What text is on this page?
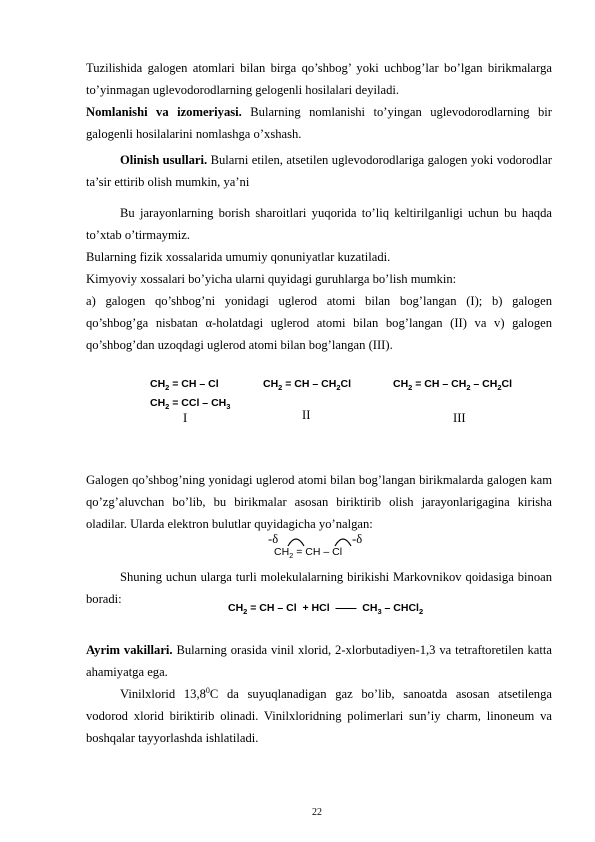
Tuzilishida galogen atomlari bilan birga qo’shbog’ yoki uchbog’lar bo’lgan birikmalarga to’yinmagan uglevodorodlarning gelogenli hosilalari deyiladi.

Nomlanishi va izomeriyasi. Bularning nomlanishi to’yingan uglevodorodlarning bir galogenli hosilalarini nomlashga o’xshash.

Olinish usullari. Bularni etilen, atsetilen uglevodorodlariga galogen yoki vodorodlar ta’sir ettirib olish mumkin, ya’ni

Bu jarayonlarning borish sharoitlari yuqorida to’liq keltirilganligi uchun bu haqda to’xtab o’tirmaymiz.

Bularning fizik xossalarida umumiy qonuniyatlar kuzatiladi.

Kimyoviy xossalari bo’yicha ularni quyidagi guruhlarga bo’lish mumkin:

a) galogen qo’shbog’ni yonidagi uglerod atomi bilan bog’langan (I); b) galogen qo’shbog’ga nisbatan α-holatdagi uglerod atomi bilan bog’langan (II) va v) galogen qo’shbog’dan uzoqdagi uglerod atomi bilan bog’langan (III).

$CH_2$ = CH – Cl	$CH_2$ = CH – $CH_2Cl$	$CH_2$ = CH – $CH_2 - CH_2Cl$
$CH_2$ = CCl – $CH_3$
I	II	III

Galogen qo’shbog’ning yonidagi uglerod atomi bilan bog’langan birikmalarda galogen kam qo’zg’aluvchan bo’lib, bu birikmalar asosan biriktirib olish jarayonlarigagina kirisha oladilar. Ularda elektron bulutlar quyidagicha yo’nalgan:

-δ	-δ
$CH_2$ = CH – Cl

Shuning uchun ularga turli molekulalarning birikishi Markovnikov qoidasiga binoan boradi:

$CH_2$ = CH – Cl  + HCl  ——  $CH_3$ – CHCl$_2$

Ayrim vakillari. Bularning orasida vinil xlorid, 2-xlorbutadiyen-1,3 va tetraftoretilen katta ahamiyatga ega.

Vinilxlorid 13,8$^0$C da suyuqlanadigan gaz bo’lib, sanoatda asosan atsetilenga vodorod xlorid biriktirib olinadi. Vinilxloridning polimerlari sun’iy charm, linoneum va boshqalar tayyorlashda ishlatiladi.

22
